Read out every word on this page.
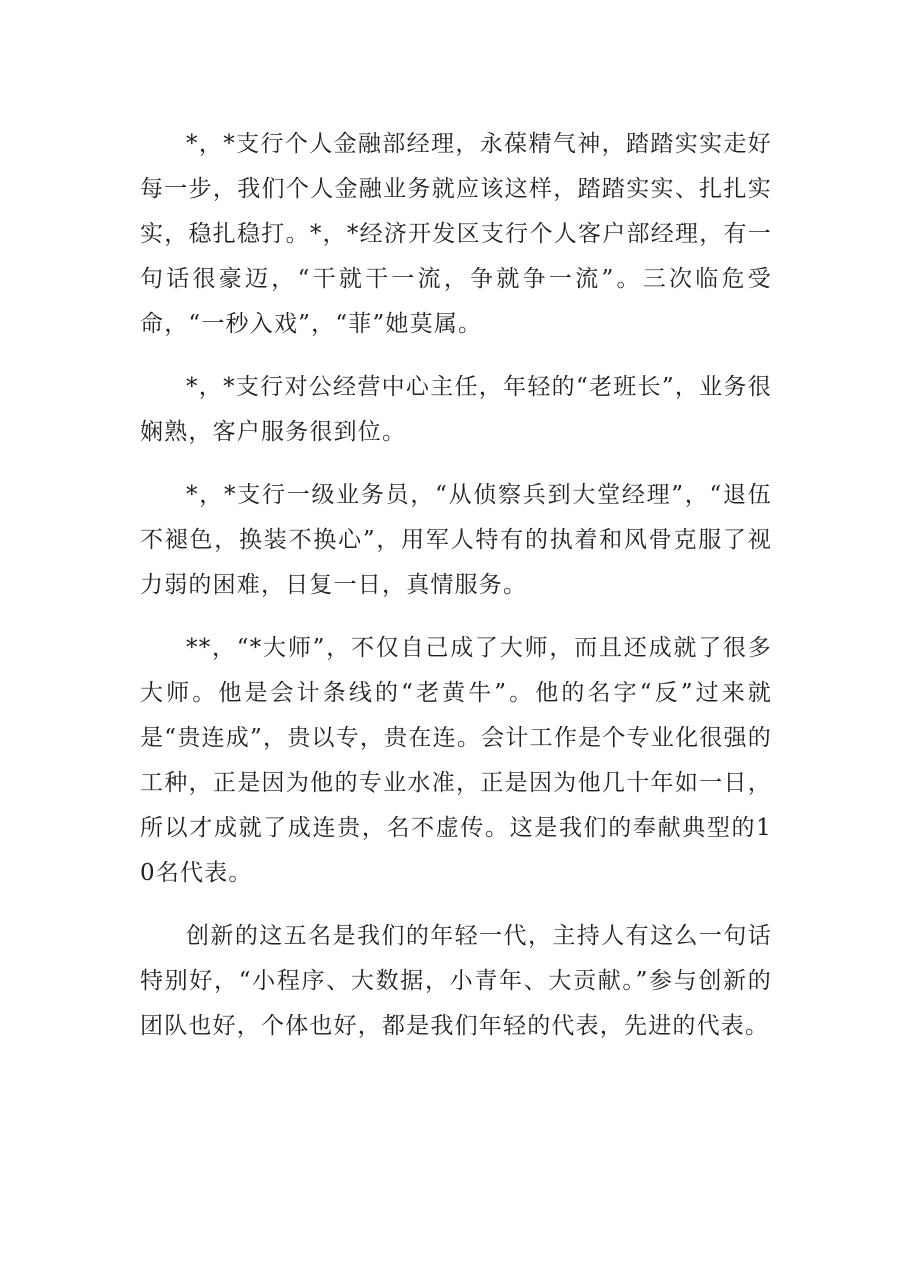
*，*支行个人金融部经理，永葆精气神，踏踏实实走好每一步，我们个人金融业务就应该这样，踏踏实实、扎扎实实，稳扎稳打。*，*经济开发区支行个人客户部经理，有一句话很豪迈，“干就干一流，争就争一流”。三次临危受命，“一秒入戏”，“菲”她莫属。

*，*支行对公经营中心主任，年轻的“老班长”，业务很娴熟，客户服务很到位。

*，*支行一级业务员，“从侦察兵到大堂经理”，“退伍不褪色，换装不换心”，用军人特有的执着和风骨克服了视力弱的困难，日复一日，真情服务。

**，“*大师”，不仅自己成了大师，而且还成就了很多大师。他是会计条线的“老黄牛”。他的名字“反”过来就是“贵连成”，贵以专，贵在连。会计工作是个专业化很强的工种，正是因为他的专业水准，正是因为他几十年如一日，所以才成就了成连贵，名不虚传。这是我们的奉献典型的10名代表。

创新的这五名是我们的年轻一代，主持人有这么一句话特别好，“小程序、大数据，小青年、大贡献。”参与创新的团队也好，个体也好，都是我们年轻的代表，先进的代表。
